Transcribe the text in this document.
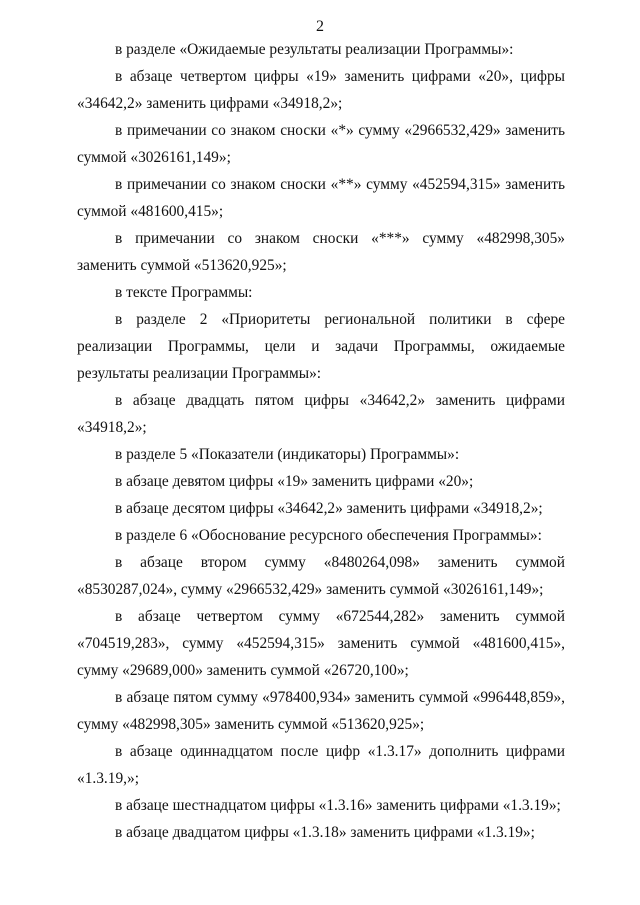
2

в разделе «Ожидаемые результаты реализации Программы»:

в абзаце четвертом цифры «19» заменить цифрами «20», цифры «34642,2» заменить цифрами «34918,2»;

в примечании со знаком сноски «*» сумму «2966532,429» заменить суммой «3026161,149»;

в примечании со знаком сноски «**» сумму «452594,315» заменить суммой «481600,415»;

в примечании со знаком сноски «***» сумму «482998,305» заменить суммой «513620,925»;

в тексте Программы:

в разделе 2 «Приоритеты региональной политики в сфере реализации Программы, цели и задачи Программы, ожидаемые результаты реализации Программы»:

в абзаце двадцать пятом цифры «34642,2» заменить цифрами «34918,2»;

в разделе 5 «Показатели (индикаторы) Программы»:

в абзаце девятом цифры «19» заменить цифрами «20»;

в абзаце десятом цифры «34642,2» заменить цифрами «34918,2»;

в разделе 6 «Обоснование ресурсного обеспечения Программы»:

в абзаце втором сумму «8480264,098» заменить суммой «8530287,024», сумму «2966532,429» заменить суммой «3026161,149»;

в абзаце четвертом сумму «672544,282» заменить суммой «704519,283», сумму «452594,315» заменить суммой «481600,415», сумму «29689,000» заменить суммой «26720,100»;

в абзаце пятом сумму «978400,934» заменить суммой «996448,859», сумму «482998,305» заменить суммой «513620,925»;

в абзаце одиннадцатом после цифр «1.3.17» дополнить цифрами «1.3.19,»;

в абзаце шестнадцатом цифры «1.3.16» заменить цифрами «1.3.19»;

в абзаце двадцатом цифры «1.3.18» заменить цифрами «1.3.19»;
